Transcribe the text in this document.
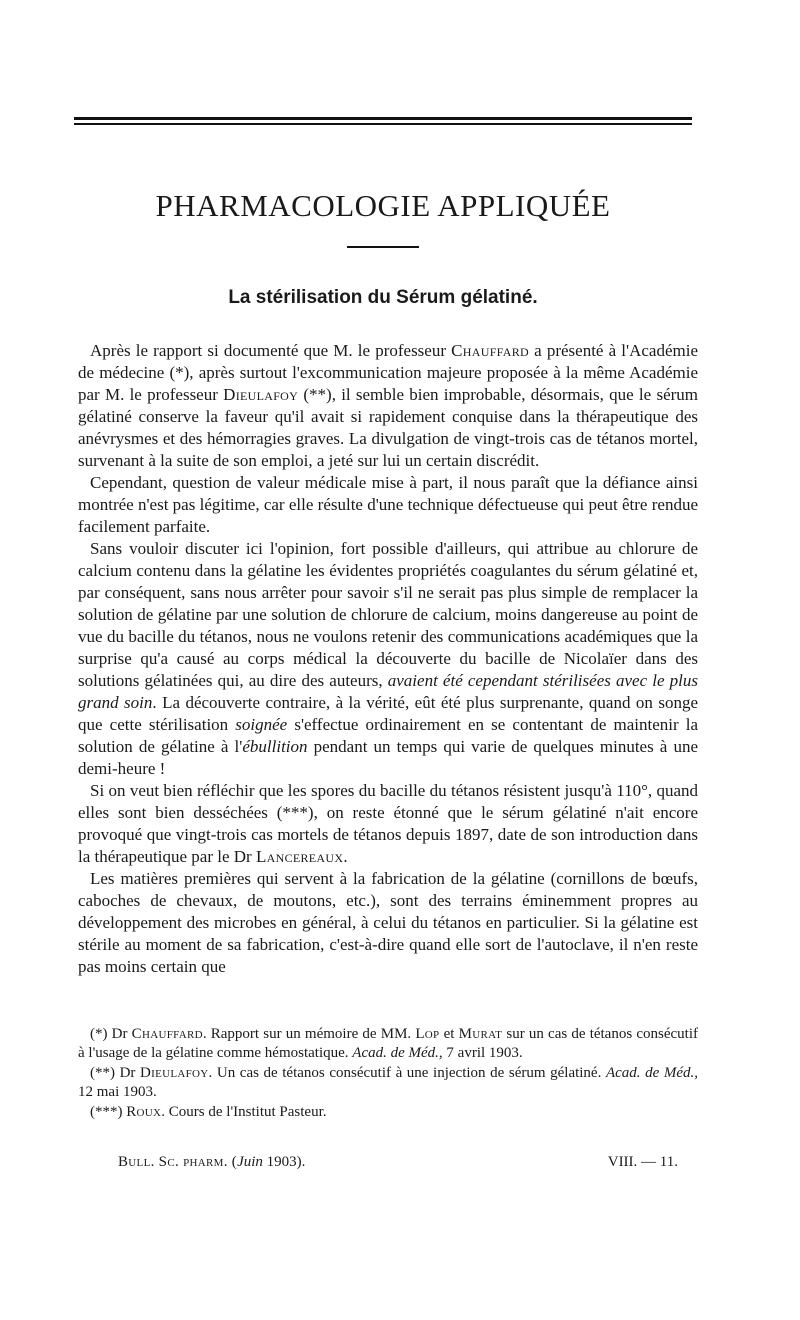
PHARMACOLOGIE APPLIQUÉE
La stérilisation du Sérum gélatiné.

Après le rapport si documenté que M. le professeur Chauffard a présenté à l'Académie de médecine (*), après surtout l'excommunication majeure proposée à la même Académie par M. le professeur Dieulafoy (**), il semble bien improbable, désormais, que le sérum gélatiné conserve la faveur qu'il avait si rapidement conquise dans la thérapeutique des anévrysmes et des hémorragies graves. La divulgation de vingt-trois cas de tétanos mortel, survenant à la suite de son emploi, a jeté sur lui un certain discrédit.

Cependant, question de valeur médicale mise à part, il nous paraît que la défiance ainsi montrée n'est pas légitime, car elle résulte d'une technique défectueuse qui peut être rendue facilement parfaite.

Sans vouloir discuter ici l'opinion, fort possible d'ailleurs, qui attribue au chlorure de calcium contenu dans la gélatine les évidentes propriétés coagulantes du sérum gélatiné et, par conséquent, sans nous arrêter pour savoir s'il ne serait pas plus simple de remplacer la solution de gélatine par une solution de chlorure de calcium, moins dangereuse au point de vue du bacille du tétanos, nous ne voulons retenir des communications académiques que la surprise qu'a causé au corps médical la découverte du bacille de Nicolaïer dans des solutions gélatinées qui, au dire des auteurs, avaient été cependant stérilisées avec le plus grand soin. La découverte contraire, à la vérité, eût été plus surprenante, quand on songe que cette stérilisation soignée s'effectue ordinairement en se contentant de maintenir la solution de gélatine à l'ébullition pendant un temps qui varie de quelques minutes à une demi-heure !

Si on veut bien réfléchir que les spores du bacille du tétanos résistent jusqu'à 110°, quand elles sont bien desséchées (***), on reste étonné que le sérum gélatiné n'ait encore provoqué que vingt-trois cas mortels de tétanos depuis 1897, date de son introduction dans la thérapeutique par le Dr Lancereaux.

Les matières premières qui servent à la fabrication de la gélatine (cornillons de bœufs, caboches de chevaux, de moutons, etc.), sont des terrains éminemment propres au développement des microbes en général, à celui du tétanos en particulier. Si la gélatine est stérile au moment de sa fabrication, c'est-à-dire quand elle sort de l'autoclave, il n'en reste pas moins certain que

(*) Dr Chauffard. Rapport sur un mémoire de MM. Lop et Murat sur un cas de tétanos consécutif à l'usage de la gélatine comme hémostatique. Acad. de Méd., 7 avril 1903.

(**) Dr Dieulafoy. Un cas de tétanos consécutif à une injection de sérum gélatiné. Acad. de Méd., 12 mai 1903.

(***) Roux. Cours de l'Institut Pasteur.

Bull. Sc. pharm. (Juin 1903).	VIII. — 11.
